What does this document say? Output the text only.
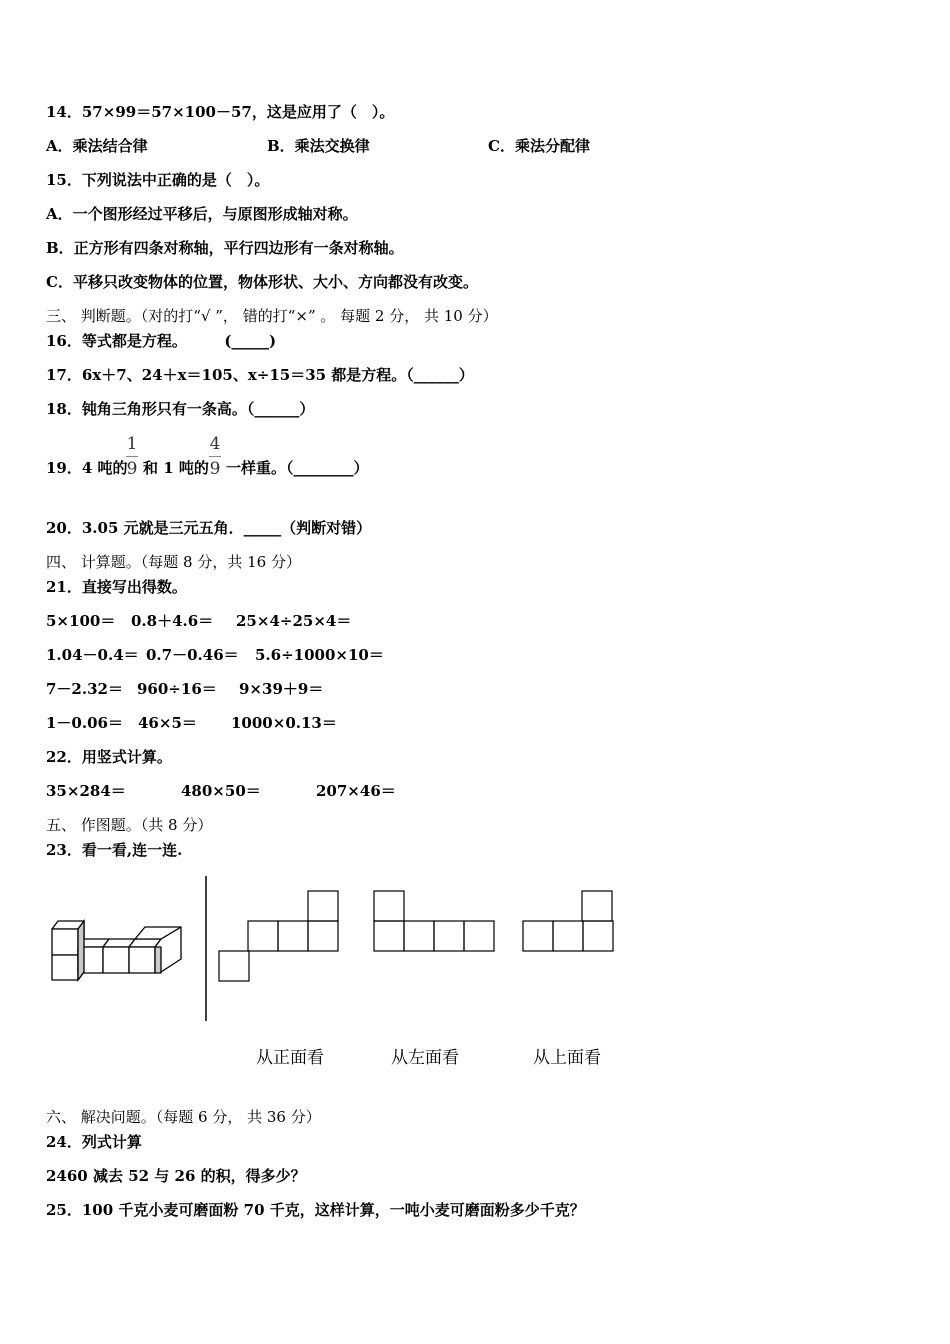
14．57×99＝57×100－57，这是应用了（　）。
A．乘法结合律	B．乘法交换律	C．乘法分配律
15．下列说法中正确的是（　）。
A．一个图形经过平移后，与原图形成轴对称。
B．正方形有四条对称轴，平行四边形有一条对称轴。
C．平移只改变物体的位置，物体形状、大小、方向都没有改变。
三、 判断题。（对的打“√ ”， 错的打“×” 。 每题 2 分， 共 10 分）
16．等式都是方程。　　　(_____)
17．6x＋7、24＋x＝105、x÷15＝35 都是方程。（______）
18．钝角三角形只有一条高。（______）
19．4 吨的
1
9 和 1 吨的
4
9 一样重。（________）
20．3.05 元就是三元五角．_____（判断对错）
四、 计算题。（每题 8 分，共 16 分）
21．直接写出得数。
5×100＝ 0.8＋4.6＝ 25×4÷25×4＝
1.04－0.4＝ 0.7－0.46＝ 5.6÷1000×10＝
7－2.32＝ 960÷16＝ 9×39＋9＝
1－0.06＝ 46×5＝ 1000×0.13＝
22．用竖式计算。
35×284＝	480×50＝	207×46＝
五、 作图题。（共 8 分）
23．看一看,连一连.
从正面看	从左面看	从上面看
六、 解决问题。（每题 6 分， 共 36 分）
24．列式计算
2460 减去 52 与 26 的积，得多少？
25．100 千克小麦可磨面粉 70 千克，这样计算，一吨小麦可磨面粉多少千克？
